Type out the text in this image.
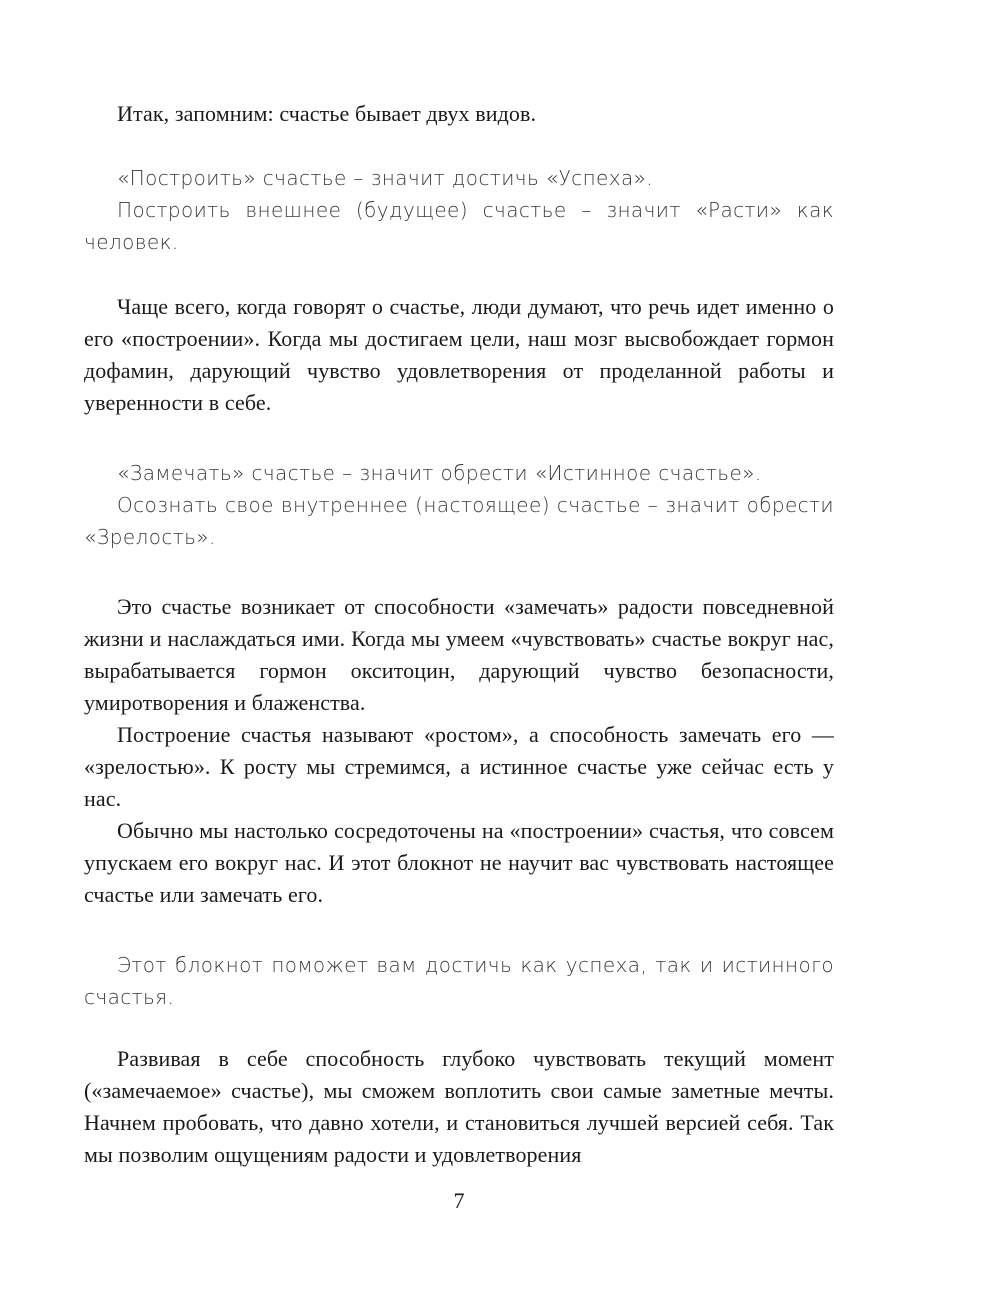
Итак, запомним: счастье бывает двух видов.

«Построить» счастье – значит достичь «Успеха».

Построить внешнее (будущее) счастье – значит «Расти» как человек.

Чаще всего, когда говорят о счастье, люди думают, что речь идет именно о его «построении». Когда мы достигаем цели, наш мозг высвобождает гормон дофамин, дарующий чувство удовлетворения от проделанной работы и уверенности в себе.

«Замечать» счастье – значит обрести «Истинное счастье».

Осознать свое внутреннее (настоящее) счастье – значит обрести «Зрелость».

Это счастье возникает от способности «замечать» радости повседневной жизни и наслаждаться ими. Когда мы умеем «чувствовать» счастье вокруг нас, вырабатывается гормон окситоцин, дарующий чувство безопасности, умиротворения и блаженства.

Построение счастья называют «ростом», а способность замечать его — «зрелостью». К росту мы стремимся, а истинное счастье уже сейчас есть у нас.

Обычно мы настолько сосредоточены на «построении» счастья, что совсем упускаем его вокруг нас. И этот блокнот не научит вас чувствовать настоящее счастье или замечать его.

Этот блокнот поможет вам достичь как успеха, так и истинного счастья.

Развивая в себе способность глубоко чувствовать текущий момент («замечаемое» счастье), мы сможем воплотить свои самые заметные мечты. Начнем пробовать, что давно хотели, и становиться лучшей версией себя. Так мы позволим ощущениям радости и удовлетворения

7
